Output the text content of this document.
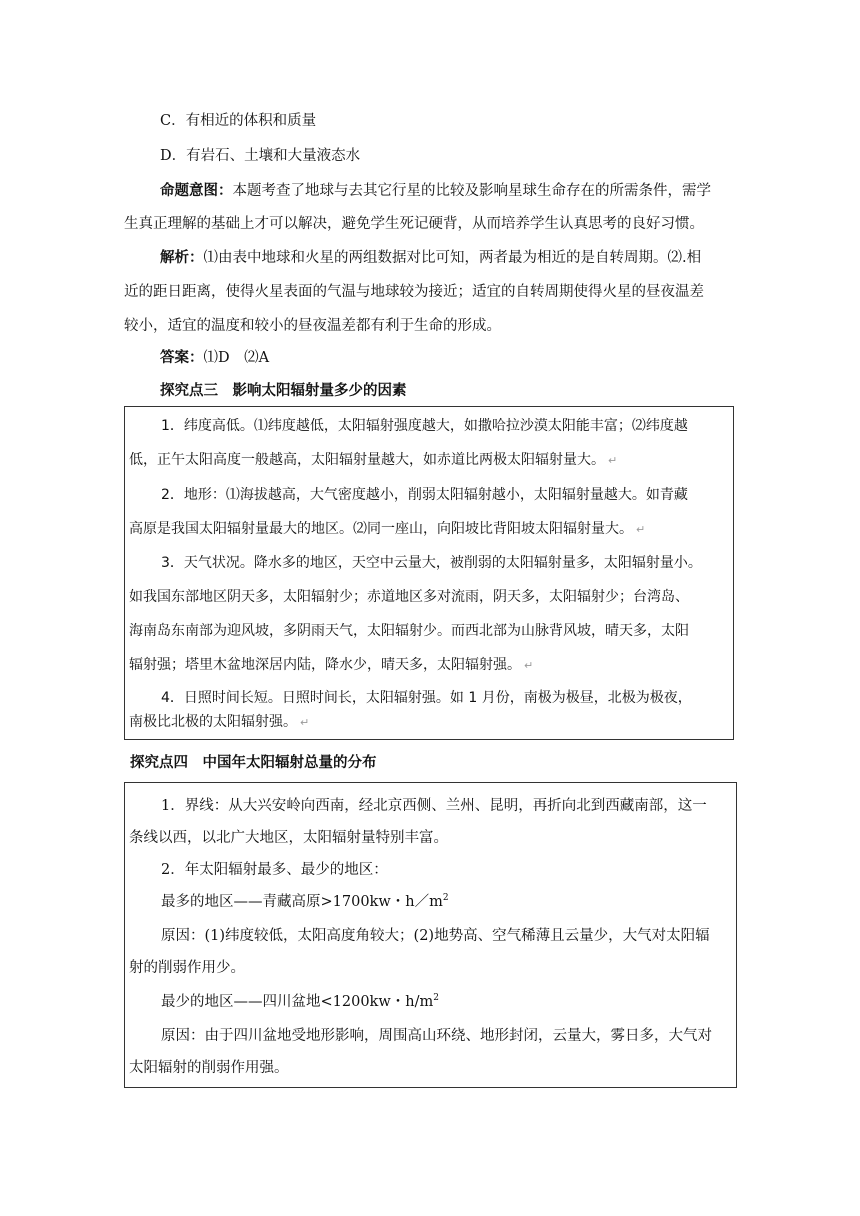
C．有相近的体积和质量
D．有岩石、土壤和大量液态水
命题意图：本题考查了地球与去其它行星的比较及影响星球生命存在的所需条件，需学
生真正理解的基础上才可以解决，避免学生死记硬背，从而培养学生认真思考的良好习惯。
解析：⑴由表中地球和火星的两组数据对比可知，两者最为相近的是自转周期。⑵.相
近的距日距离，使得火星表面的气温与地球较为接近；适宜的自转周期使得火星的昼夜温差
较小，适宜的温度和较小的昼夜温差都有利于生命的形成。
答案：⑴D　⑵A
探究点三　影响太阳辐射量多少的因素
1．纬度高低。⑴纬度越低，太阳辐射强度越大，如撒哈拉沙漠太阳能丰富；⑵纬度越
低，正午太阳高度一般越高，太阳辐射量越大，如赤道比两极太阳辐射量大。 ↵
2．地形：⑴海拔越高，大气密度越小，削弱太阳辐射越小，太阳辐射量越大。如青藏
高原是我国太阳辐射量最大的地区。⑵同一座山，向阳坡比背阳坡太阳辐射量大。 ↵
3．天气状况。降水多的地区，天空中云量大，被削弱的太阳辐射量多，太阳辐射量小。
如我国东部地区阴天多，太阳辐射少；赤道地区多对流雨，阴天多，太阳辐射少；台湾岛、
海南岛东南部为迎风坡，多阴雨天气，太阳辐射少。而西北部为山脉背风坡，晴天多，太阳
辐射强；塔里木盆地深居内陆，降水少，晴天多，太阳辐射强。 ↵
4．日照时间长短。日照时间长，太阳辐射强。如 1 月份，南极为极昼，北极为极夜，
南极比北极的太阳辐射强。 ↵
探究点四　中国年太阳辐射总量的分布
1．界线：从大兴安岭向西南，经北京西侧、兰州、昆明，再折向北到西藏南部，这一
条线以西，以北广大地区，太阳辐射量特别丰富。
2．年太阳辐射最多、最少的地区：
最多的地区——青藏高原>1700kw・$h/m^2$
原因：(1)纬度较低，太阳高度角较大；(2)地势高、空气稀薄且云量少，大气对太阳辐
射的削弱作用少。
最少的地区——四川盆地<1200kw・$h/m^2$
原因：由于四川盆地受地形影响，周围高山环绕、地形封闭，云量大，雾日多，大气对
太阳辐射的削弱作用强。
